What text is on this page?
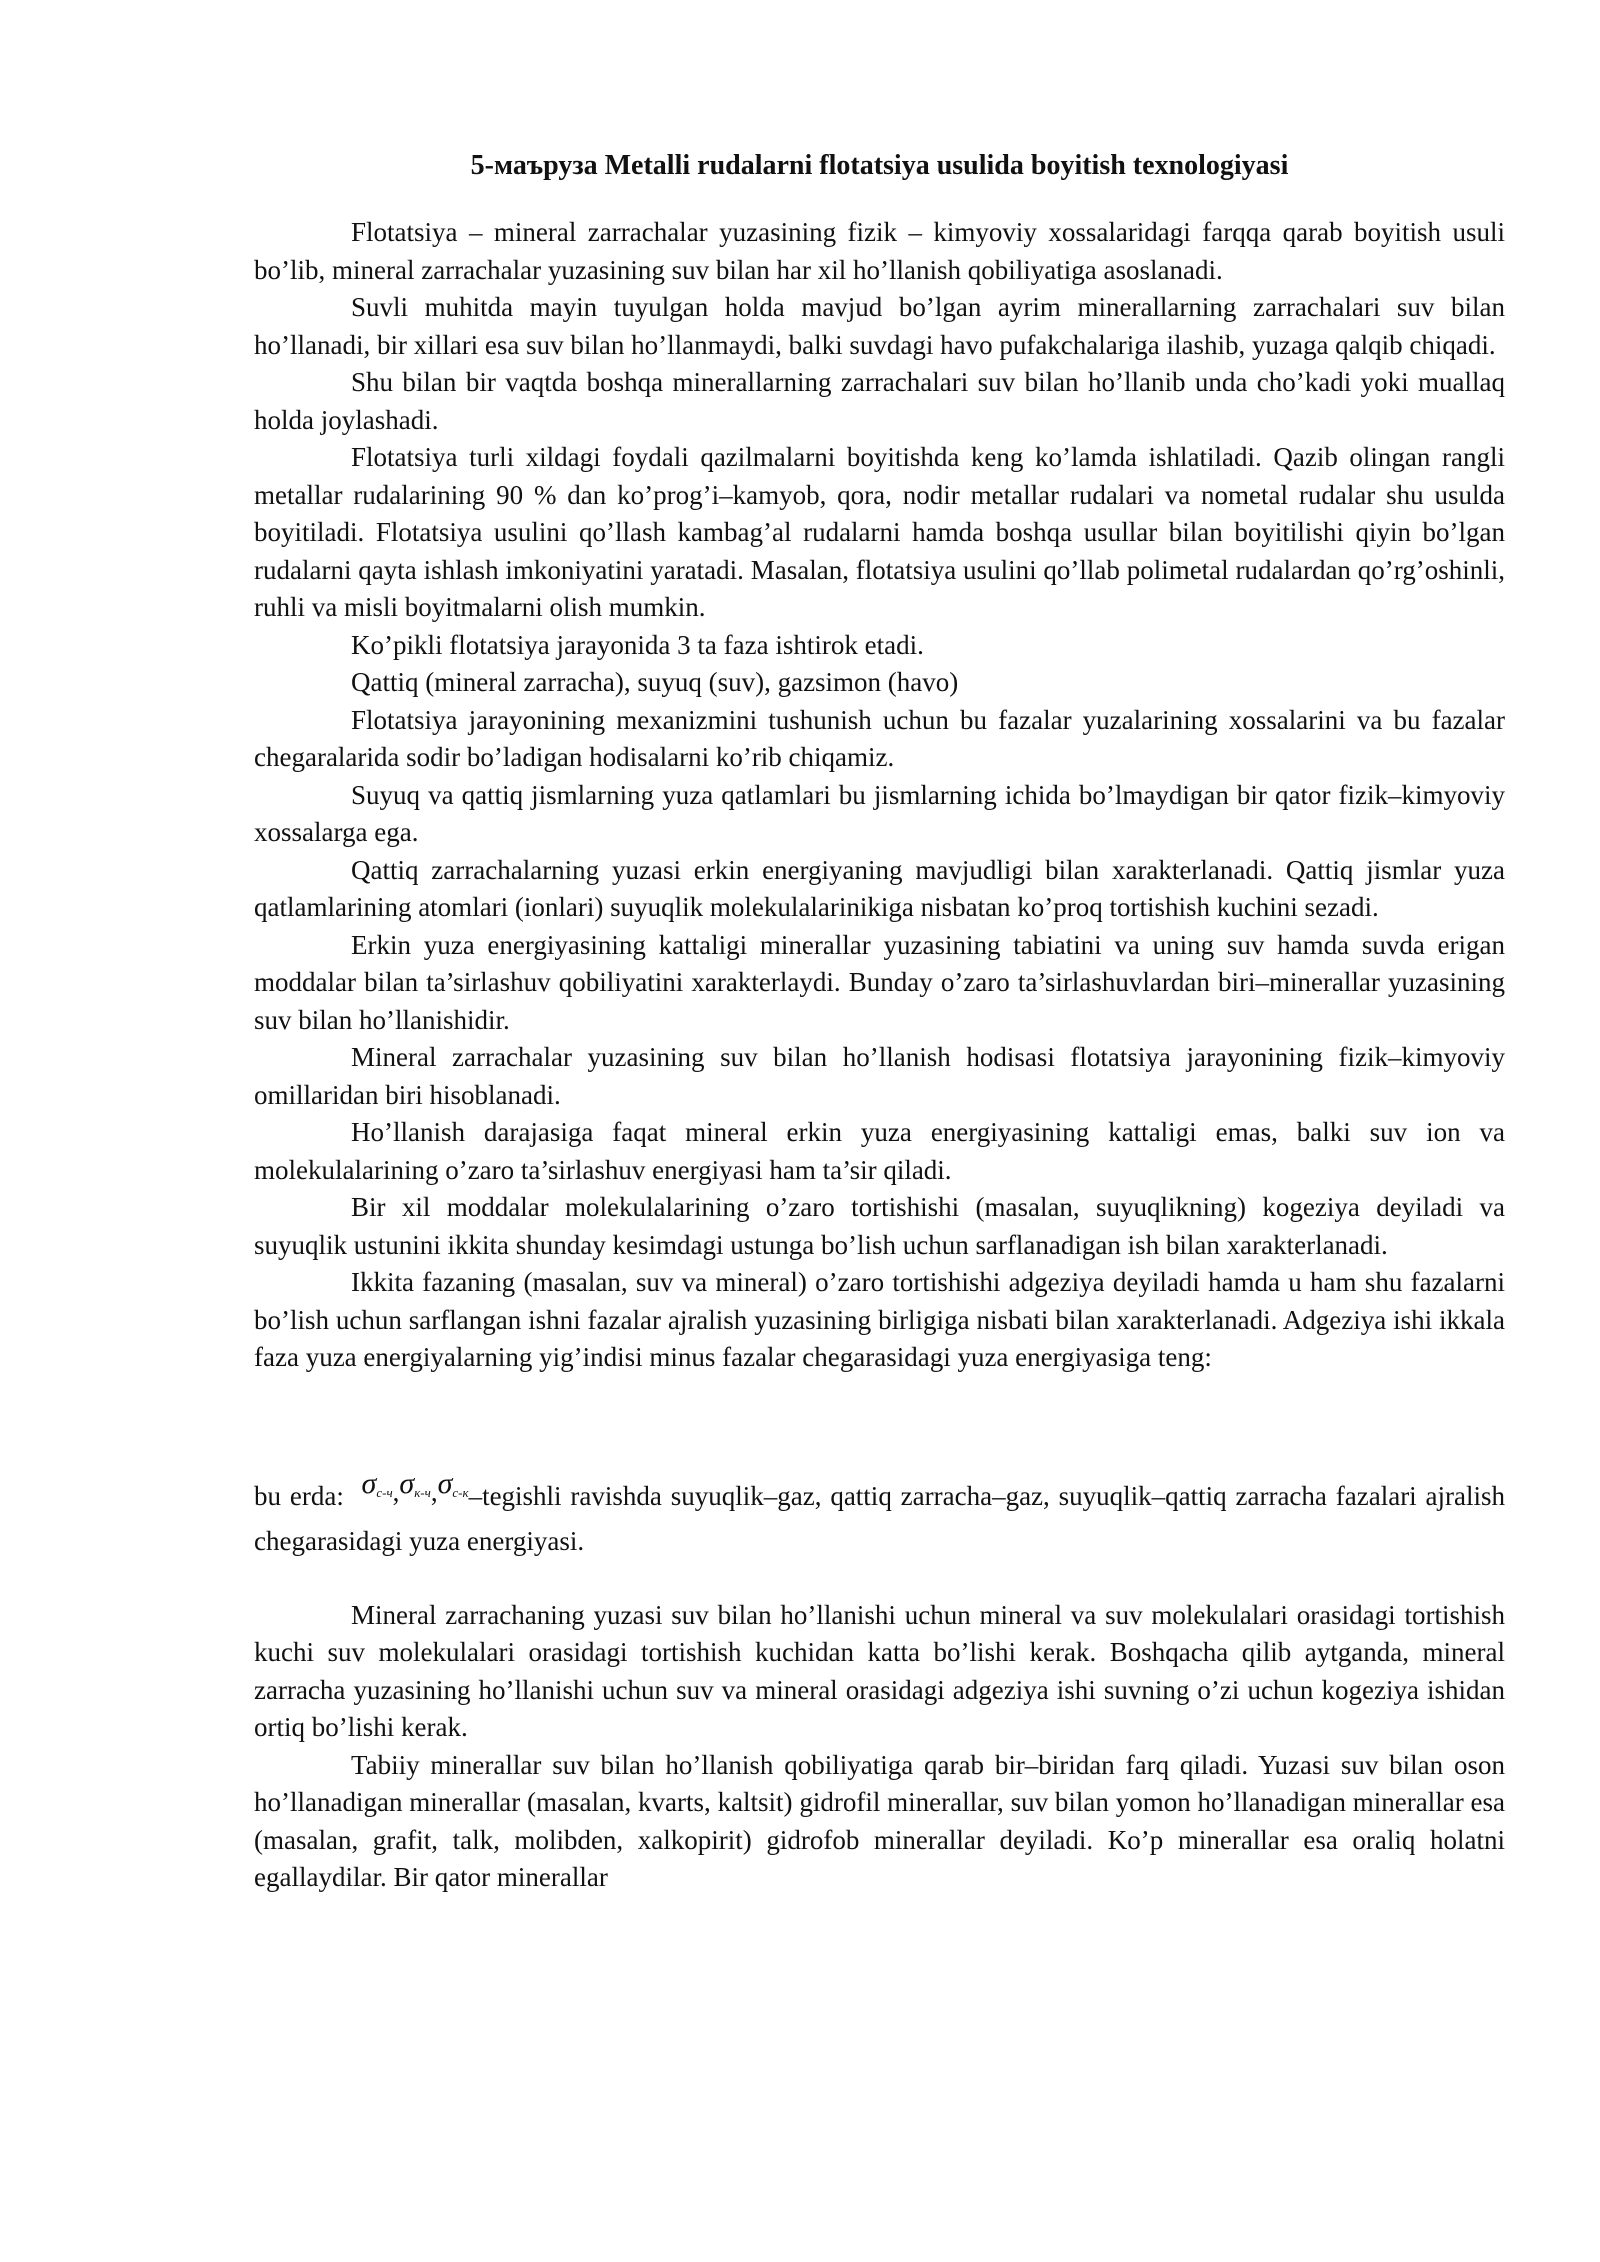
5-маъруза Metalli rudalarni flotatsiya usulida boyitish texnologiyasi

Flotatsiya – mineral zarrachalar yuzasining fizik – kimyoviy xossalaridagi farqqa qarab boyitish usuli bo’lib, mineral zarrachalar yuzasining suv bilan har xil ho’llanish qobiliyatiga asoslanadi.

Suvli muhitda mayin tuyulgan holda mavjud bo’lgan ayrim minerallarning zarrachalari suv bilan ho’llanadi, bir xillari esa suv bilan ho’llanmaydi, balki suvdagi havo pufakchalariga ilashib, yuzaga qalqib chiqadi.

Shu bilan bir vaqtda boshqa minerallarning zarrachalari suv bilan ho’llanib unda cho’kadi yoki muallaq holda joylashadi.

Flotatsiya turli xildagi foydali qazilmalarni boyitishda keng ko’lamda ishlatiladi. Qazib olingan rangli metallar rudalarining 90 % dan ko’prog’i–kamyob, qora, nodir metallar rudalari va nometal rudalar shu usulda boyitiladi. Flotatsiya usulini qo’llash kambag’al rudalarni hamda boshqa usullar bilan boyitilishi qiyin bo’lgan rudalarni qayta ishlash imkoniyatini yaratadi. Masalan, flotatsiya usulini qo’llab polimetal rudalardan qo’rg’oshinli, ruhli va misli boyitmalarni olish mumkin.

Ko’pikli flotatsiya jarayonida 3 ta faza ishtirok etadi.

Qattiq (mineral zarracha), suyuq (suv), gazsimon (havo)

Flotatsiya jarayonining mexanizmini tushunish uchun bu fazalar yuzalarining xossalarini va bu fazalar chegaralarida sodir bo’ladigan hodisalarni ko’rib chiqamiz.

Suyuq va qattiq jismlarning yuza qatlamlari bu jismlarning ichida bo’lmaydigan bir qator fizik–kimyoviy xossalarga ega.

Qattiq zarrachalarning yuzasi erkin energiyaning mavjudligi bilan xarakterlanadi. Qattiq jismlar yuza qatlamlarining atomlari (ionlari) suyuqlik molekulalarinikiga nisbatan ko’proq tortishish kuchini sezadi.

Erkin yuza energiyasining kattaligi minerallar yuzasining tabiatini va uning suv hamda suvda erigan moddalar bilan ta’sirlashuv qobiliyatini xarakterlaydi. Bunday o’zaro ta’sirlashuvlardan biri–minerallar yuzasining suv bilan ho’llanishidir.

Mineral zarrachalar yuzasining suv bilan ho’llanish hodisasi flotatsiya jarayonining fizik–kimyoviy omillaridan biri hisoblanadi.

Ho’llanish darajasiga faqat mineral erkin yuza energiyasining kattaligi emas, balki suv ion va molekulalarining o’zaro ta’sirlashuv energiyasi ham ta’sir qiladi.

Bir xil moddalar molekulalarining o’zaro tortishishi (masalan, suyuqlikning) kogeziya deyiladi va suyuqlik ustunini ikkita shunday kesimdagi ustunga bo’lish uchun sarflanadigan ish bilan xarakterlanadi.

Ikkita fazaning (masalan, suv va mineral) o’zaro tortishishi adgeziya deyiladi hamda u ham shu fazalarni bo’lish uchun sarflangan ishni fazalar ajralish yuzasining birligiga nisbati bilan xarakterlanadi. Adgeziya ishi ikkala faza yuza energiyalarning yig’indisi minus fazalar chegarasidagi yuza energiyasiga teng:

bu erda: $\sigma_{с-ч},\sigma_{к-ч},\sigma_{с-к}$–tegishli ravishda suyuqlik–gaz, qattiq zarracha–gaz, suyuqlik–qattiq zarracha fazalari ajralish chegarasidagi yuza energiyasi.

Mineral zarrachaning yuzasi suv bilan ho’llanishi uchun mineral va suv molekulalari orasidagi tortishish kuchi suv molekulalari orasidagi tortishish kuchidan katta bo’lishi kerak. Boshqacha qilib aytganda, mineral zarracha yuzasining ho’llanishi uchun suv va mineral orasidagi adgeziya ishi suvning o’zi uchun kogeziya ishidan ortiq bo’lishi kerak.

Tabiiy minerallar suv bilan ho’llanish qobiliyatiga qarab bir–biridan farq qiladi. Yuzasi suv bilan oson ho’llanadigan minerallar (masalan, kvarts, kaltsit) gidrofil minerallar, suv bilan yomon ho’llanadigan minerallar esa (masalan, grafit, talk, molibden, xalkopirit) gidrofob minerallar deyiladi. Ko’p minerallar esa oraliq holatni egallaydilar. Bir qator minerallar
